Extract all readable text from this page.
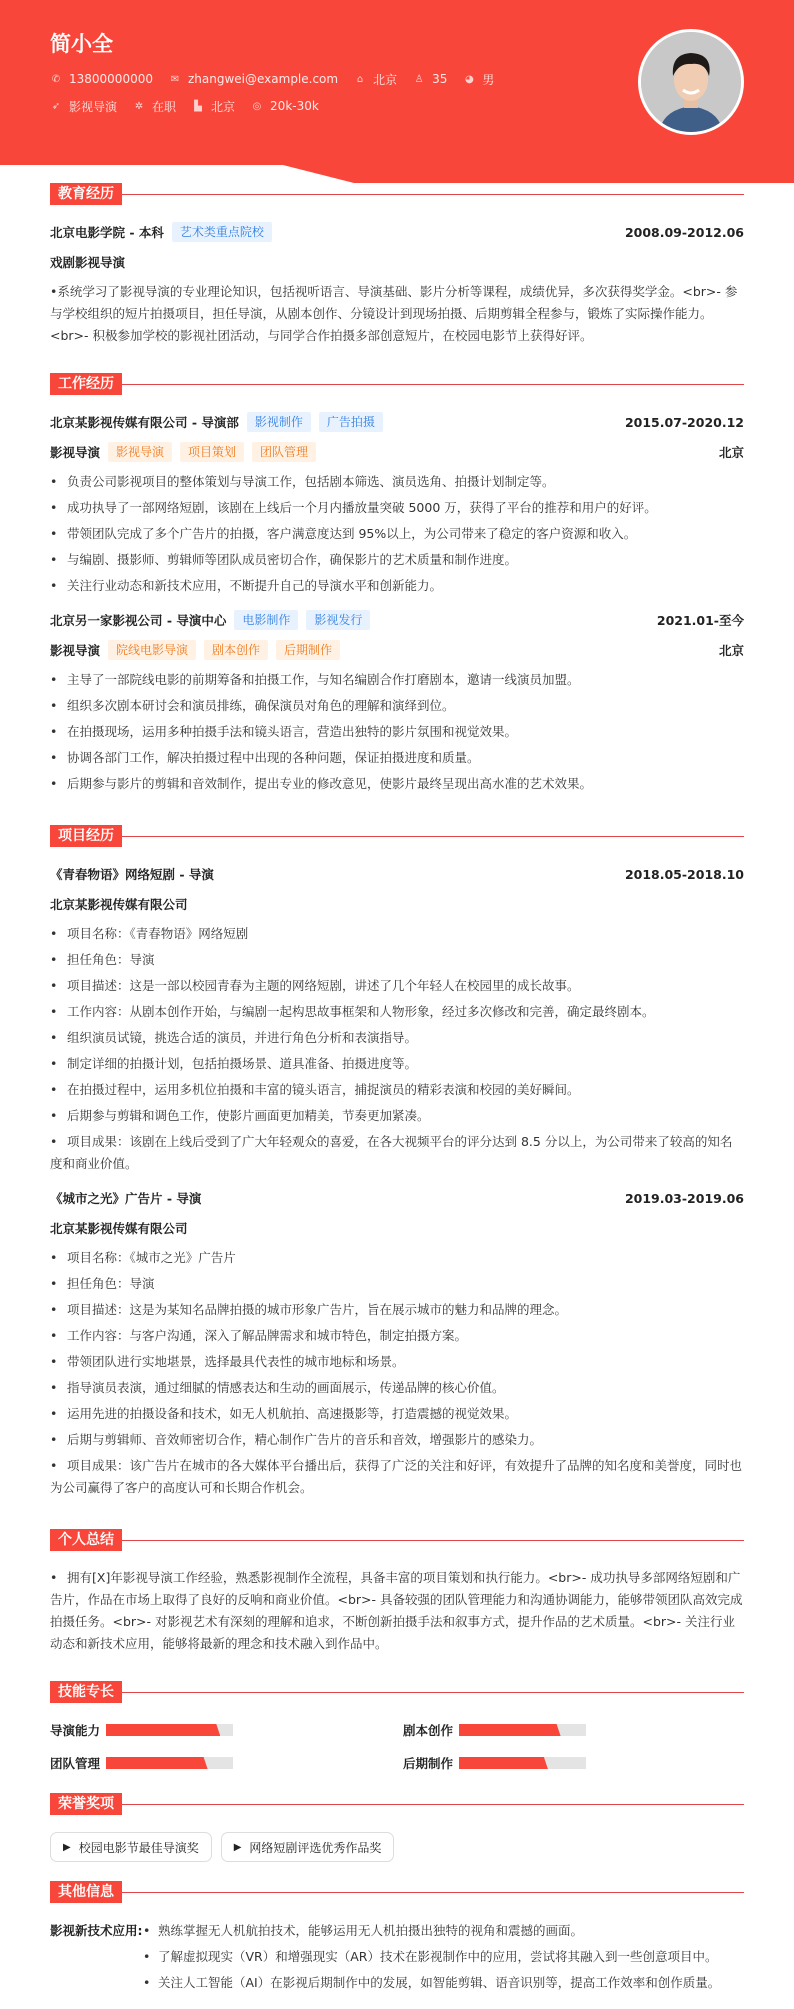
简小全
✆ 13800000000 ✉ zhangwei@example.com ⌂ 北京 ♙ 35 ◕ 男
➶ 影视导演 ✲ 在职 ▙ 北京 ◎ 20k-30k
教育经历
北京电影学院 - 本科	艺术类重点院校	2008.09-2012.06
戏剧影视导演
•系统学习了影视导演的专业理论知识，包括视听语言、导演基础、影片分析等课程，成绩优异，多次获得奖学金。<br>- 参与学校组织的短片拍摄项目，担任导演，从剧本创作、分镜设计到现场拍摄、后期剪辑全程参与，锻炼了实际操作能力。<br>- 积极参加学校的影视社团活动，与同学合作拍摄多部创意短片，在校园电影节上获得好评。
工作经历
北京某影视传媒有限公司 - 导演部	影视制作	广告拍摄	2015.07-2020.12
影视导演	影视导演	项目策划	团队管理	北京
• 负责公司影视项目的整体策划与导演工作，包括剧本筛选、演员选角、拍摄计划制定等。
• 成功执导了一部网络短剧，该剧在上线后一个月内播放量突破 5000 万，获得了平台的推荐和用户的好评。
• 带领团队完成了多个广告片的拍摄，客户满意度达到 95%以上，为公司带来了稳定的客户资源和收入。
• 与编剧、摄影师、剪辑师等团队成员密切合作，确保影片的艺术质量和制作进度。
• 关注行业动态和新技术应用，不断提升自己的导演水平和创新能力。
北京另一家影视公司 - 导演中心	电影制作	影视发行	2021.01-至今
影视导演	院线电影导演	剧本创作	后期制作	北京
• 主导了一部院线电影的前期筹备和拍摄工作，与知名编剧合作打磨剧本，邀请一线演员加盟。
• 组织多次剧本研讨会和演员排练，确保演员对角色的理解和演绎到位。
• 在拍摄现场，运用多种拍摄手法和镜头语言，营造出独特的影片氛围和视觉效果。
• 协调各部门工作，解决拍摄过程中出现的各种问题，保证拍摄进度和质量。
• 后期参与影片的剪辑和音效制作，提出专业的修改意见，使影片最终呈现出高水准的艺术效果。
项目经历
《青春物语》网络短剧 - 导演	2018.05-2018.10
北京某影视传媒有限公司
• 项目名称：《青春物语》网络短剧
• 担任角色：导演
• 项目描述：这是一部以校园青春为主题的网络短剧，讲述了几个年轻人在校园里的成长故事。
• 工作内容：从剧本创作开始，与编剧一起构思故事框架和人物形象，经过多次修改和完善，确定最终剧本。
• 组织演员试镜，挑选合适的演员，并进行角色分析和表演指导。
• 制定详细的拍摄计划，包括拍摄场景、道具准备、拍摄进度等。
• 在拍摄过程中，运用多机位拍摄和丰富的镜头语言，捕捉演员的精彩表演和校园的美好瞬间。
• 后期参与剪辑和调色工作，使影片画面更加精美，节奏更加紧凑。
• 项目成果：该剧在上线后受到了广大年轻观众的喜爱，在各大视频平台的评分达到 8.5 分以上，为公司带来了较高的知名度和商业价值。
《城市之光》广告片 - 导演	2019.03-2019.06
北京某影视传媒有限公司
• 项目名称：《城市之光》广告片
• 担任角色：导演
• 项目描述：这是为某知名品牌拍摄的城市形象广告片，旨在展示城市的魅力和品牌的理念。
• 工作内容：与客户沟通，深入了解品牌需求和城市特色，制定拍摄方案。
• 带领团队进行实地堪景，选择最具代表性的城市地标和场景。
• 指导演员表演，通过细腻的情感表达和生动的画面展示，传递品牌的核心价值。
• 运用先进的拍摄设备和技术，如无人机航拍、高速摄影等，打造震撼的视觉效果。
• 后期与剪辑师、音效师密切合作，精心制作广告片的音乐和音效，增强影片的感染力。
• 项目成果：该广告片在城市的各大媒体平台播出后，获得了广泛的关注和好评，有效提升了品牌的知名度和美誉度，同时也为公司赢得了客户的高度认可和长期合作机会。
个人总结
• 拥有[X]年影视导演工作经验，熟悉影视制作全流程，具备丰富的项目策划和执行能力。<br>- 成功执导多部网络短剧和广告片，作品在市场上取得了良好的反响和商业价值。<br>- 具备较强的团队管理能力和沟通协调能力，能够带领团队高效完成拍摄任务。<br>- 对影视艺术有深刻的理解和追求，不断创新拍摄手法和叙事方式，提升作品的艺术质量。<br>- 关注行业动态和新技术应用，能够将最新的理念和技术融入到作品中。
技能专长
导演能力	剧本创作
团队管理	后期制作
荣誉奖项
▶ 校园电影节最佳导演奖	▶ 网络短剧评选优秀作品奖
其他信息
影视新技术应用: • 熟练掌握无人机航拍技术，能够运用无人机拍摄出独特的视角和震撼的画面。
• 了解虚拟现实（VR）和增强现实（AR）技术在影视制作中的应用，尝试将其融入到一些创意项目中。
• 关注人工智能（AI）在影视后期制作中的发展，如智能剪辑、语音识别等，提高工作效率和创作质量。
